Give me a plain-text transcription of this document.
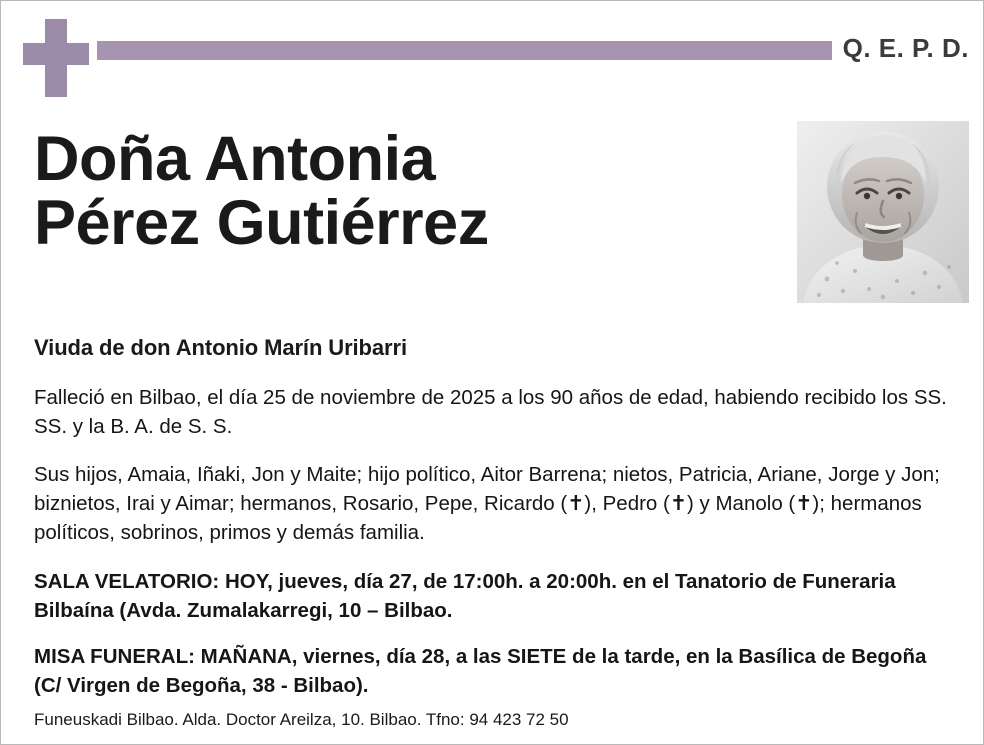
Q. E. P. D.
Doña Antonia
Pérez Gutiérrez
Viuda de don Antonio Marín Uribarri

Falleció en Bilbao, el día 25 de noviembre de 2025 a los 90 años de edad, habiendo recibido los SS. SS. y la B. A. de S. S.

Sus hijos, Amaia, Iñaki, Jon y Maite; hijo político, Aitor Barrena; nietos, Patricia, Ariane, Jorge y Jon; biznietos, Irai y Aimar; hermanos, Rosario, Pepe, Ricardo (✝), Pedro (✝) y Manolo (✝); hermanos políticos, sobrinos, primos y demás familia.

SALA VELATORIO: HOY, jueves, día 27, de 17:00h. a 20:00h. en el Tanatorio de Funeraria Bilbaína (Avda. Zumalakarregi, 10 – Bilbao.

MISA FUNERAL: MAÑANA, viernes, día 28, a las SIETE de la tarde, en la Basílica de Begoña (C/ Virgen de Begoña, 38 - Bilbao).

Funeuskadi Bilbao. Alda. Doctor Areilza, 10. Bilbao. Tfno: 94 423 72 50
